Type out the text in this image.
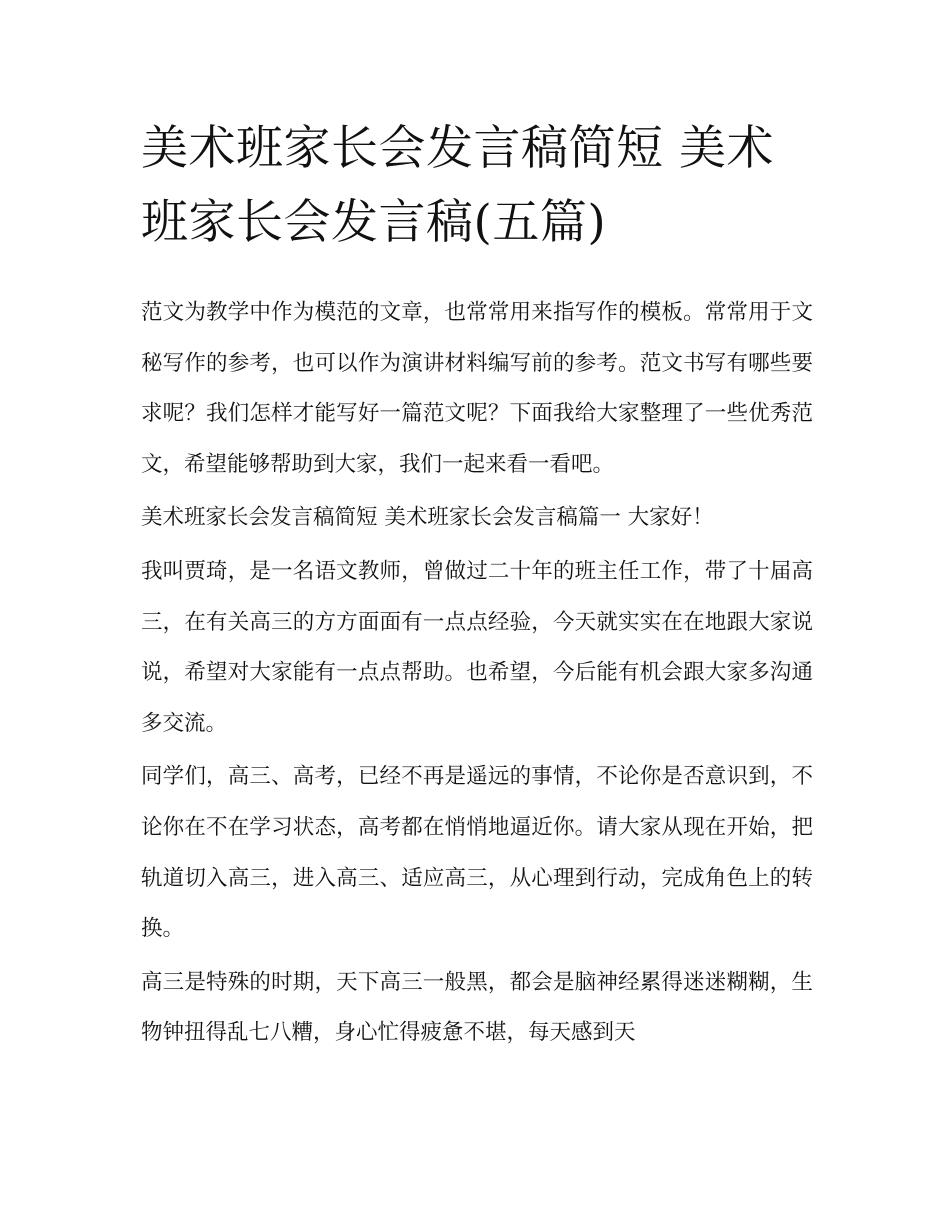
美术班家长会发言稿简短 美术班家长会发言稿(五篇)

范文为教学中作为模范的文章，也常常用来指写作的模板。常常用于文秘写作的参考，也可以作为演讲材料编写前的参考。范文书写有哪些要求呢？我们怎样才能写好一篇范文呢？下面我给大家整理了一些优秀范文，希望能够帮助到大家，我们一起来看一看吧。

美术班家长会发言稿简短 美术班家长会发言稿篇一 大家好！

我叫贾琦，是一名语文教师，曾做过二十年的班主任工作，带了十届高三，在有关高三的方方面面有一点点经验，今天就实实在在地跟大家说说，希望对大家能有一点点帮助。也希望，今后能有机会跟大家多沟通多交流。

同学们，高三、高考，已经不再是遥远的事情，不论你是否意识到，不论你在不在学习状态，高考都在悄悄地逼近你。请大家从现在开始，把轨道切入高三，进入高三、适应高三，从心理到行动，完成角色上的转换。

高三是特殊的时期，天下高三一般黑，都会是脑神经累得迷迷糊糊，生物钟扭得乱七八糟，身心忙得疲惫不堪，每天感到天
